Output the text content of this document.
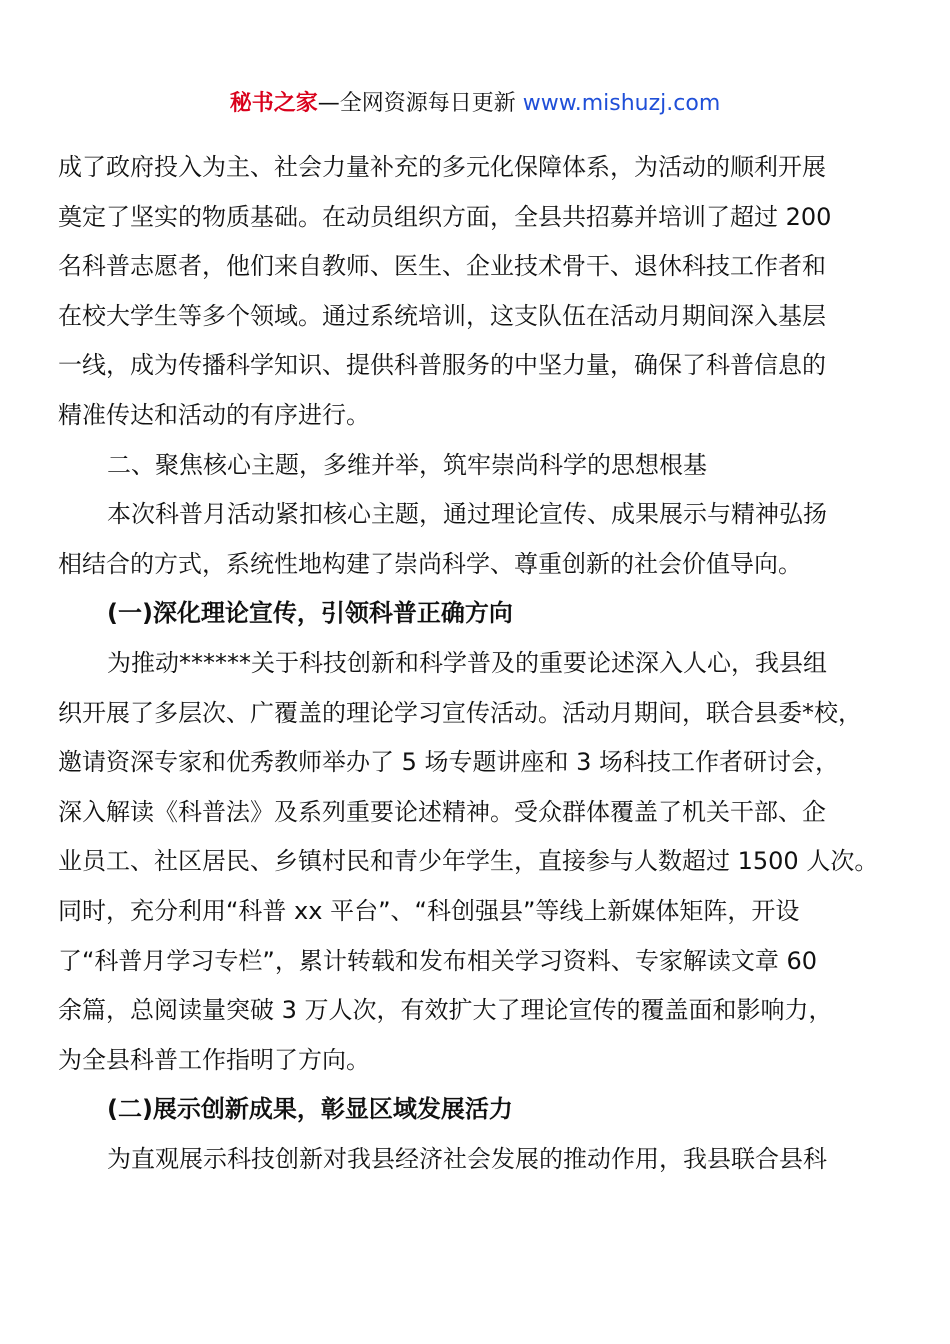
秘书之家—全网资源每日更新 www.mishuzj.com
成了政府投入为主、社会力量补充的多元化保障体系，为活动的顺利开展
奠定了坚实的物质基础。在动员组织方面，全县共招募并培训了超过 200
名科普志愿者，他们来自教师、医生、企业技术骨干、退休科技工作者和
在校大学生等多个领域。通过系统培训，这支队伍在活动月期间深入基层
一线，成为传播科学知识、提供科普服务的中坚力量，确保了科普信息的
精准传达和活动的有序进行。
二、聚焦核心主题，多维并举，筑牢崇尚科学的思想根基
本次科普月活动紧扣核心主题，通过理论宣传、成果展示与精神弘扬
相结合的方式，系统性地构建了崇尚科学、尊重创新的社会价值导向。
(一)深化理论宣传，引领科普正确方向
为推动******关于科技创新和科学普及的重要论述深入人心，我县组
织开展了多层次、广覆盖的理论学习宣传活动。活动月期间，联合县委*校，
邀请资深专家和优秀教师举办了 5 场专题讲座和 3 场科技工作者研讨会，
深入解读《科普法》及系列重要论述精神。受众群体覆盖了机关干部、企
业员工、社区居民、乡镇村民和青少年学生，直接参与人数超过 1500 人次。
同时，充分利用“科普 xx 平台”、“科创强县”等线上新媒体矩阵，开设
了“科普月学习专栏”，累计转载和发布相关学习资料、专家解读文章 60
余篇，总阅读量突破 3 万人次，有效扩大了理论宣传的覆盖面和影响力，
为全县科普工作指明了方向。
(二)展示创新成果，彰显区域发展活力
为直观展示科技创新对我县经济社会发展的推动作用，我县联合县科
